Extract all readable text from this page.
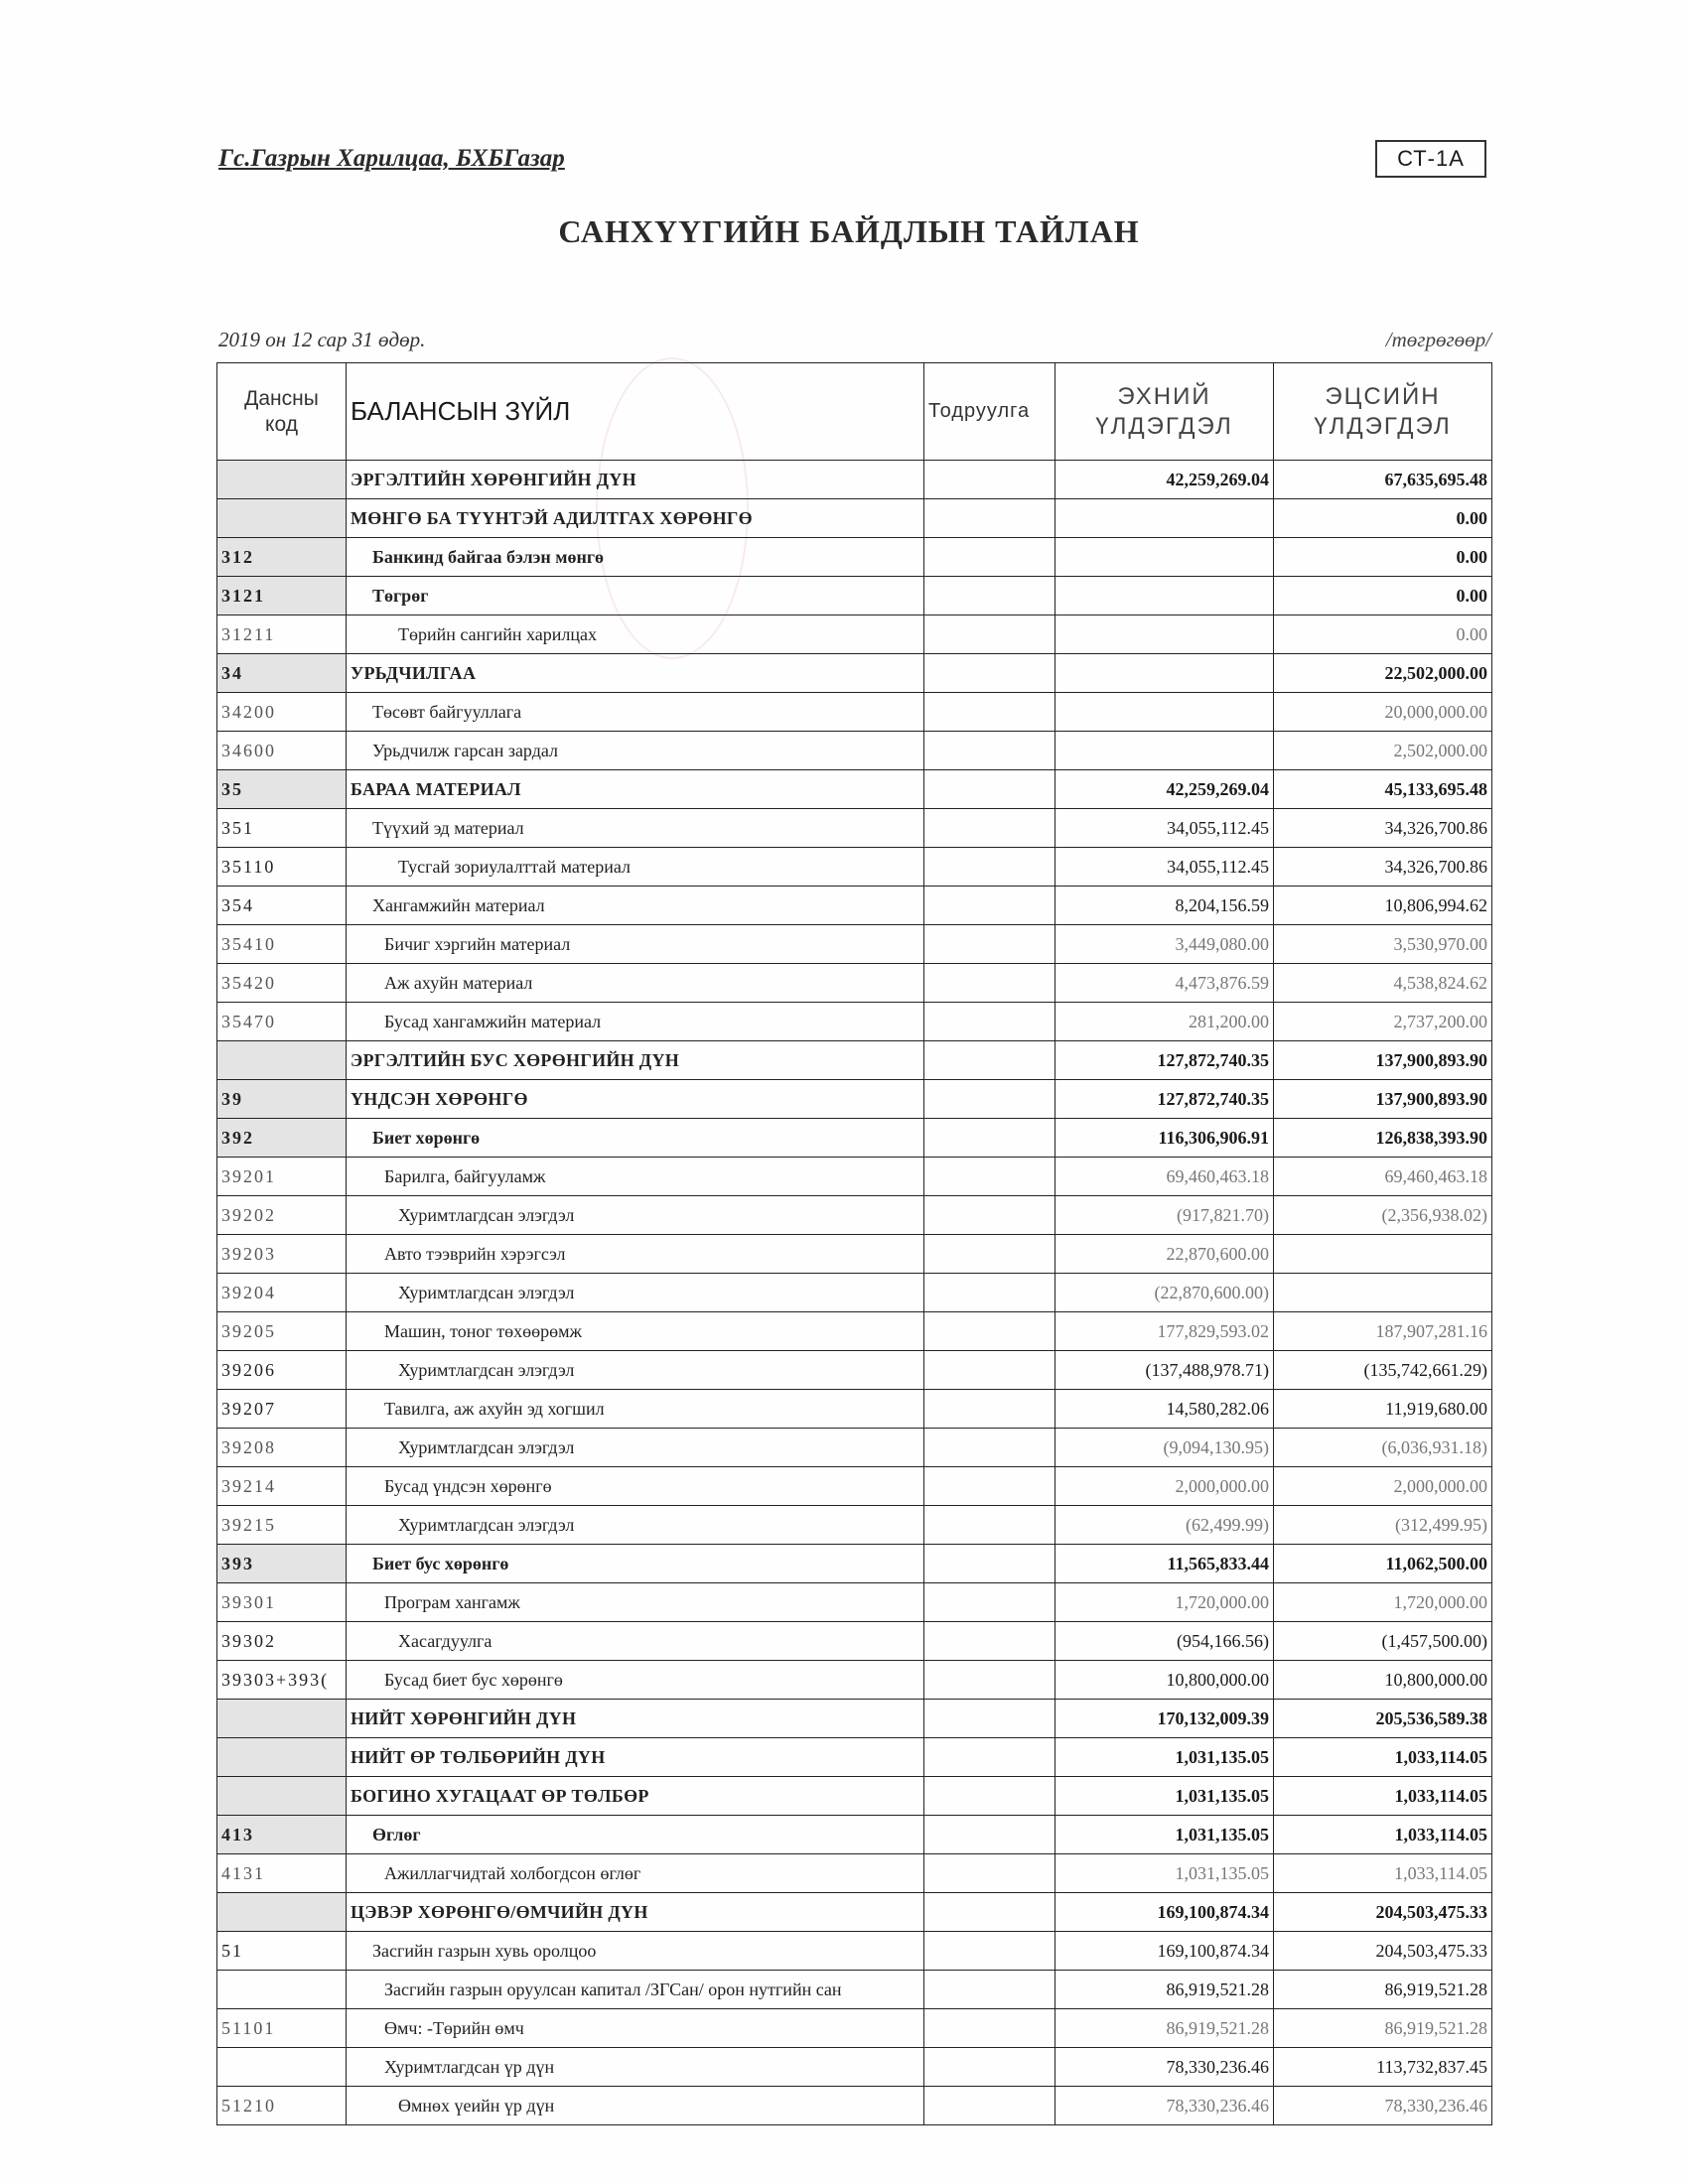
Гс.Газрын Харилцаа, БХБГазар	СТ-1А
САНХҮҮГИЙН БАЙДЛЫН ТАЙЛАН
2019 он 12 сар 31 өдөр.	/төгрөгөөр/
Дансны
код	БАЛАНСЫН ЗҮЙЛ	Тодруулга	ЭХНИЙ
ҮЛДЭГДЭЛ	ЭЦСИЙН
ҮЛДЭГДЭЛ
	ЭРГЭЛТИЙН ХӨРӨНГИЙН ДҮН		42,259,269.04	67,635,695.48
	МӨНГӨ БА ТҮҮНТЭЙ АДИЛТГАХ ХӨРӨНГӨ			0.00
312	Банкинд байгаа бэлэн мөнгө			0.00
3121	Төгрөг			0.00
31211	Төрийн сангийн харилцах			0.00
34	УРЬДЧИЛГАА			22,502,000.00
34200	Төсөвт байгууллага			20,000,000.00
34600	Урьдчилж гарсан зардал			2,502,000.00
35	БАРАА МАТЕРИАЛ		42,259,269.04	45,133,695.48
351	Түүхий эд материал		34,055,112.45	34,326,700.86
35110	Тусгай зориулалттай материал		34,055,112.45	34,326,700.86
354	Хангамжийн материал		8,204,156.59	10,806,994.62
35410	Бичиг хэргийн материал		3,449,080.00	3,530,970.00
35420	Аж ахуйн материал		4,473,876.59	4,538,824.62
35470	Бусад хангамжийн материал		281,200.00	2,737,200.00
	ЭРГЭЛТИЙН БУС ХӨРӨНГИЙН ДҮН		127,872,740.35	137,900,893.90
39	ҮНДСЭН ХӨРӨНГӨ		127,872,740.35	137,900,893.90
392	Биет хөрөнгө		116,306,906.91	126,838,393.90
39201	Барилга, байгууламж		69,460,463.18	69,460,463.18
39202	Хуримтлагдсан элэгдэл		(917,821.70)	(2,356,938.02)
39203	Авто тээврийн хэрэгсэл		22,870,600.00	
39204	Хуримтлагдсан элэгдэл		(22,870,600.00)	
39205	Машин, тоног төхөөрөмж		177,829,593.02	187,907,281.16
39206	Хуримтлагдсан элэгдэл		(137,488,978.71)	(135,742,661.29)
39207	Тавилга, аж ахуйн эд хогшил		14,580,282.06	11,919,680.00
39208	Хуримтлагдсан элэгдэл		(9,094,130.95)	(6,036,931.18)
39214	Бусад үндсэн хөрөнгө		2,000,000.00	2,000,000.00
39215	Хуримтлагдсан элэгдэл		(62,499.99)	(312,499.95)
393	Биет бус хөрөнгө		11,565,833.44	11,062,500.00
39301	Програм хангамж		1,720,000.00	1,720,000.00
39302	Хасагдуулга		(954,166.56)	(1,457,500.00)
39303+393(	Бусад биет бус хөрөнгө		10,800,000.00	10,800,000.00
	НИЙТ ХӨРӨНГИЙН ДҮН		170,132,009.39	205,536,589.38
	НИЙТ ӨР ТӨЛБӨРИЙН ДҮН		1,031,135.05	1,033,114.05
	БОГИНО ХУГАЦААТ ӨР ТӨЛБӨР		1,031,135.05	1,033,114.05
413	Өглөг		1,031,135.05	1,033,114.05
4131	Ажиллагчидтай холбогдсон өглөг		1,031,135.05	1,033,114.05
	ЦЭВЭР ХӨРӨНГӨ/ӨМЧИЙН ДҮН		169,100,874.34	204,503,475.33
51	Засгийн газрын хувь оролцоо		169,100,874.34	204,503,475.33
	Засгийн газрын оруулсан капитал /ЗГСан/ орон нутгийн сан		86,919,521.28	86,919,521.28
51101	Өмч: -Төрийн өмч		86,919,521.28	86,919,521.28
	Хуримтлагдсан үр дүн		78,330,236.46	113,732,837.45
51210	Өмнөх үеийн үр дүн		78,330,236.46	78,330,236.46
